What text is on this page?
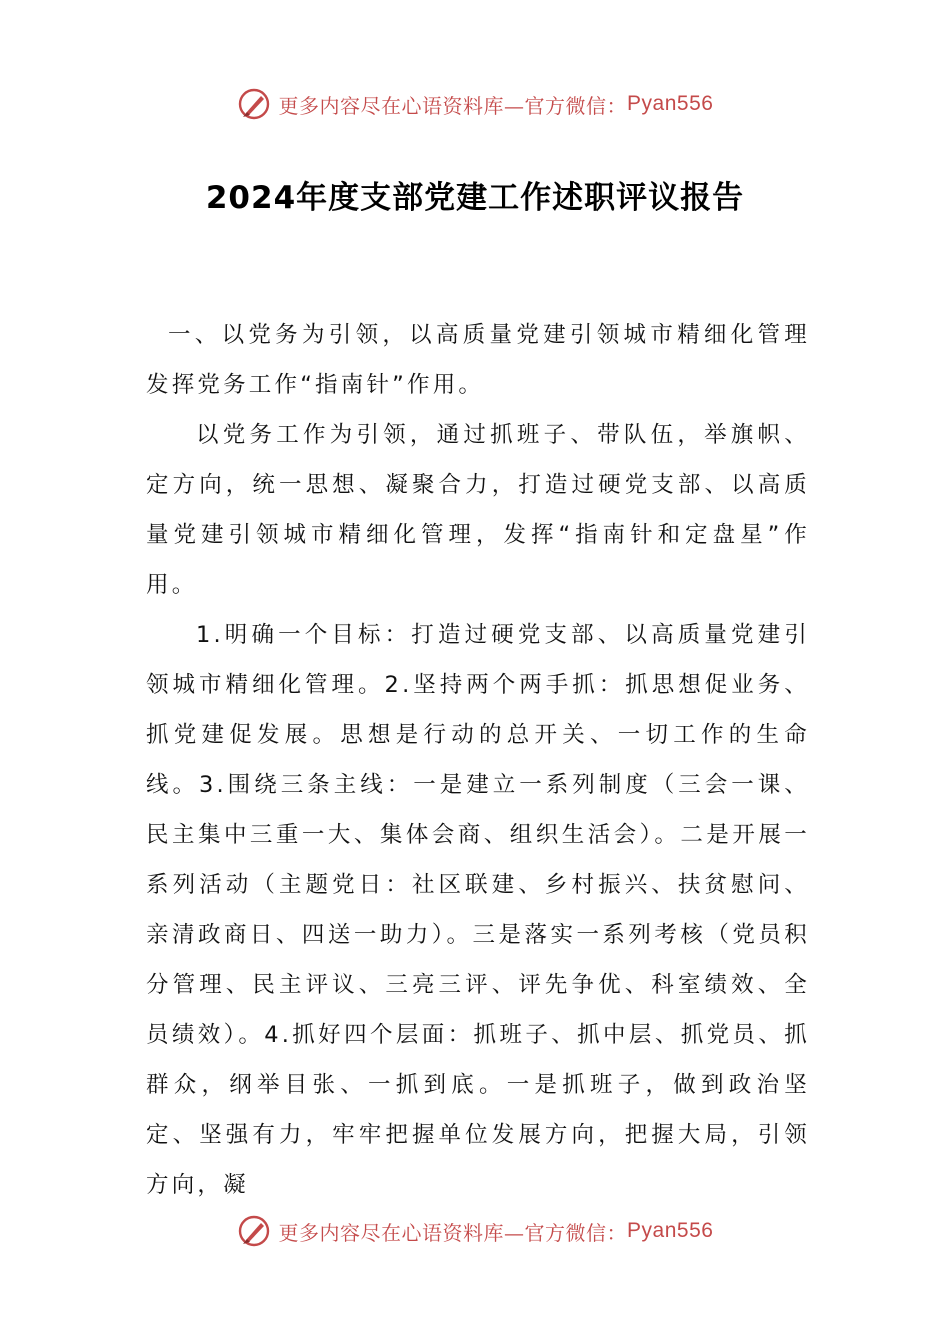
更多内容尽在心语资料库—官方微信： Pyan556
2024年度支部党建工作述职评议报告

一、以党务为引领，以高质量党建引领城市精细化管理发挥党务工作“指南针”作用。

以党务工作为引领，通过抓班子、带队伍，举旗帜、定方向，统一思想、凝聚合力，打造过硬党支部、以高质量党建引领城市精细化管理，发挥“指南针和定盘星”作用。

1.明确一个目标：打造过硬党支部、以高质量党建引领城市精细化管理。2.坚持两个两手抓：抓思想促业务、抓党建促发展。思想是行动的总开关、一切工作的生命线。3.围绕三条主线：一是建立一系列制度（三会一课、民主集中三重一大、集体会商、组织生活会）。二是开展一系列活动（主题党日：社区联建、乡村振兴、扶贫慰问、亲清政商日、四送一助力）。三是落实一系列考核（党员积分管理、民主评议、三亮三评、评先争优、科室绩效、全员绩效）。4.抓好四个层面：抓班子、抓中层、抓党员、抓群众，纲举目张、一抓到底。一是抓班子，做到政治坚定、坚强有力，牢牢把握单位发展方向，把握大局，引领方向，凝

更多内容尽在心语资料库—官方微信： Pyan556
